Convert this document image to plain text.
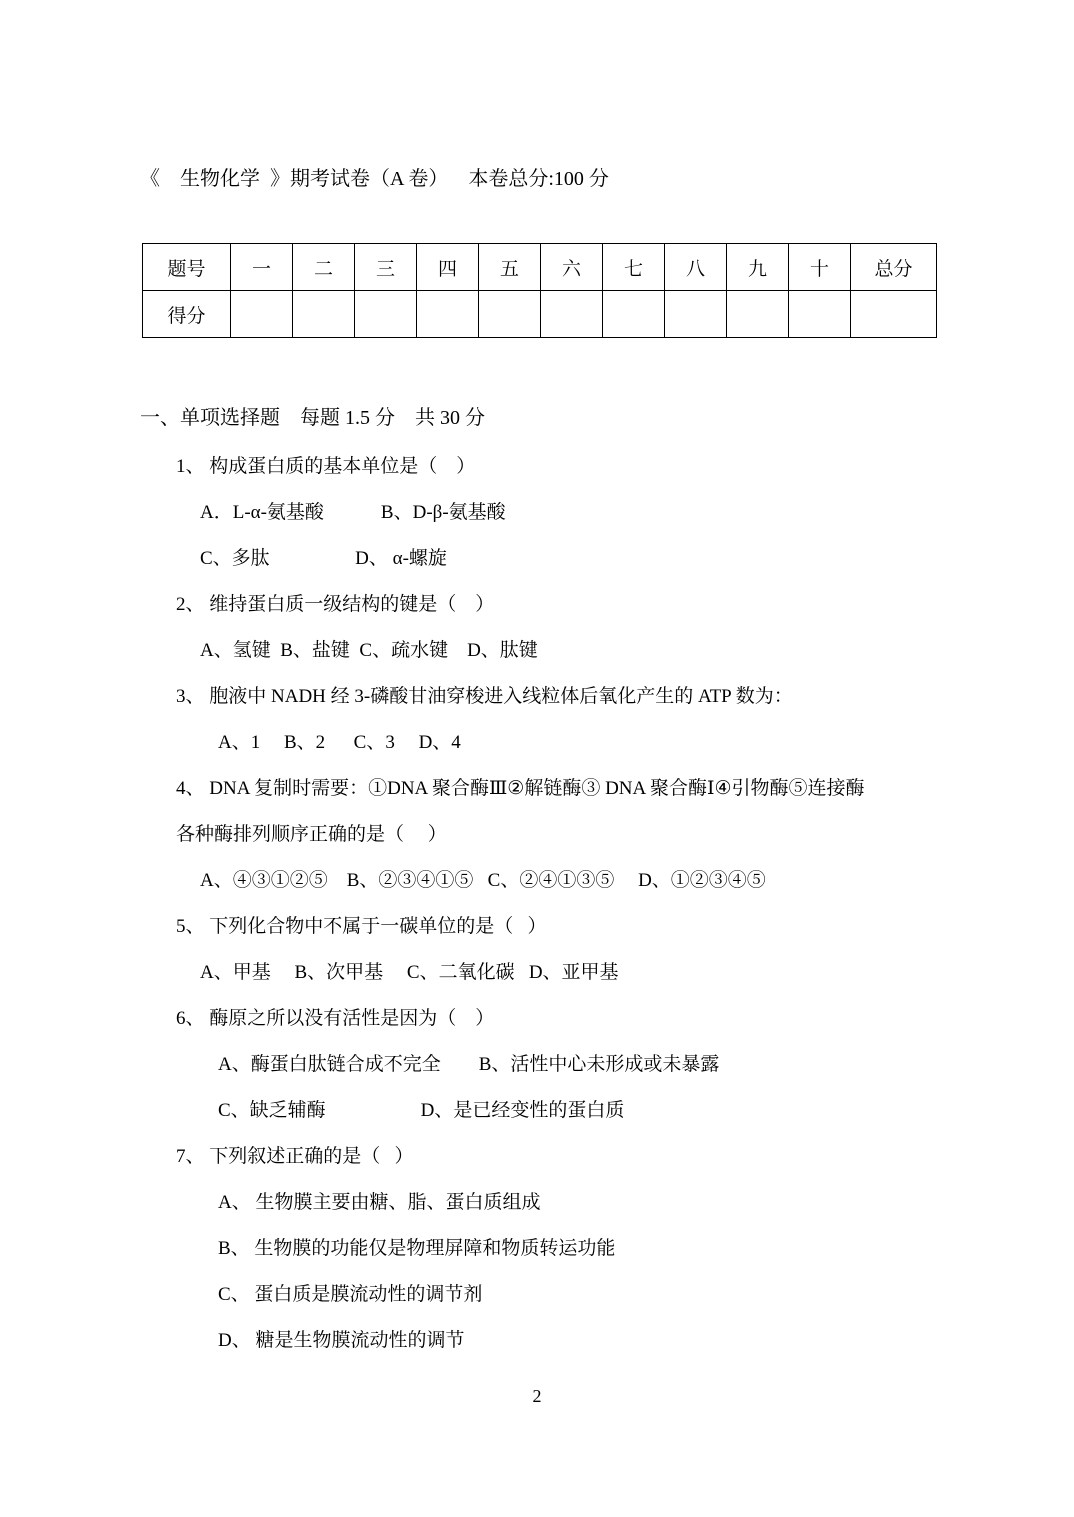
《    生物化学  》期考试卷（A 卷）    本卷总分:100 分
题号	一	二	三	四	五	六	七	八	九	十	总分
得分											
一、单项选择题    每题 1.5 分    共 30 分
1、 构成蛋白质的基本单位是（    ）
A．L-α-氨基酸            B、D-β-氨基酸
C、多肽                  D、 α-螺旋
2、 维持蛋白质一级结构的键是（    ）
A、氢键  B、盐键  C、疏水键    D、肽键
3、 胞液中 NADH 经 3-磷酸甘油穿梭进入线粒体后氧化产生的 ATP 数为：
A、1     B、2      C、3     D、4
4、 DNA 复制时需要：①DNA 聚合酶Ⅲ②解链酶③ DNA 聚合酶Ⅰ④引物酶⑤连接酶
各种酶排列顺序正确的是（     ）
A、④③①②⑤    B、②③④①⑤   C、②④①③⑤     D、①②③④⑤
5、 下列化合物中不属于一碳单位的是（   ）
A、甲基     B、次甲基     C、二氧化碳   D、亚甲基
6、 酶原之所以没有活性是因为（    ）
A、酶蛋白肽链合成不完全        B、活性中心未形成或未暴露
C、缺乏辅酶                    D、是已经变性的蛋白质
7、 下列叙述正确的是（   ）
A、 生物膜主要由糖、脂、蛋白质组成
B、 生物膜的功能仅是物理屏障和物质转运功能
C、 蛋白质是膜流动性的调节剂
D、 糖是生物膜流动性的调节
2
